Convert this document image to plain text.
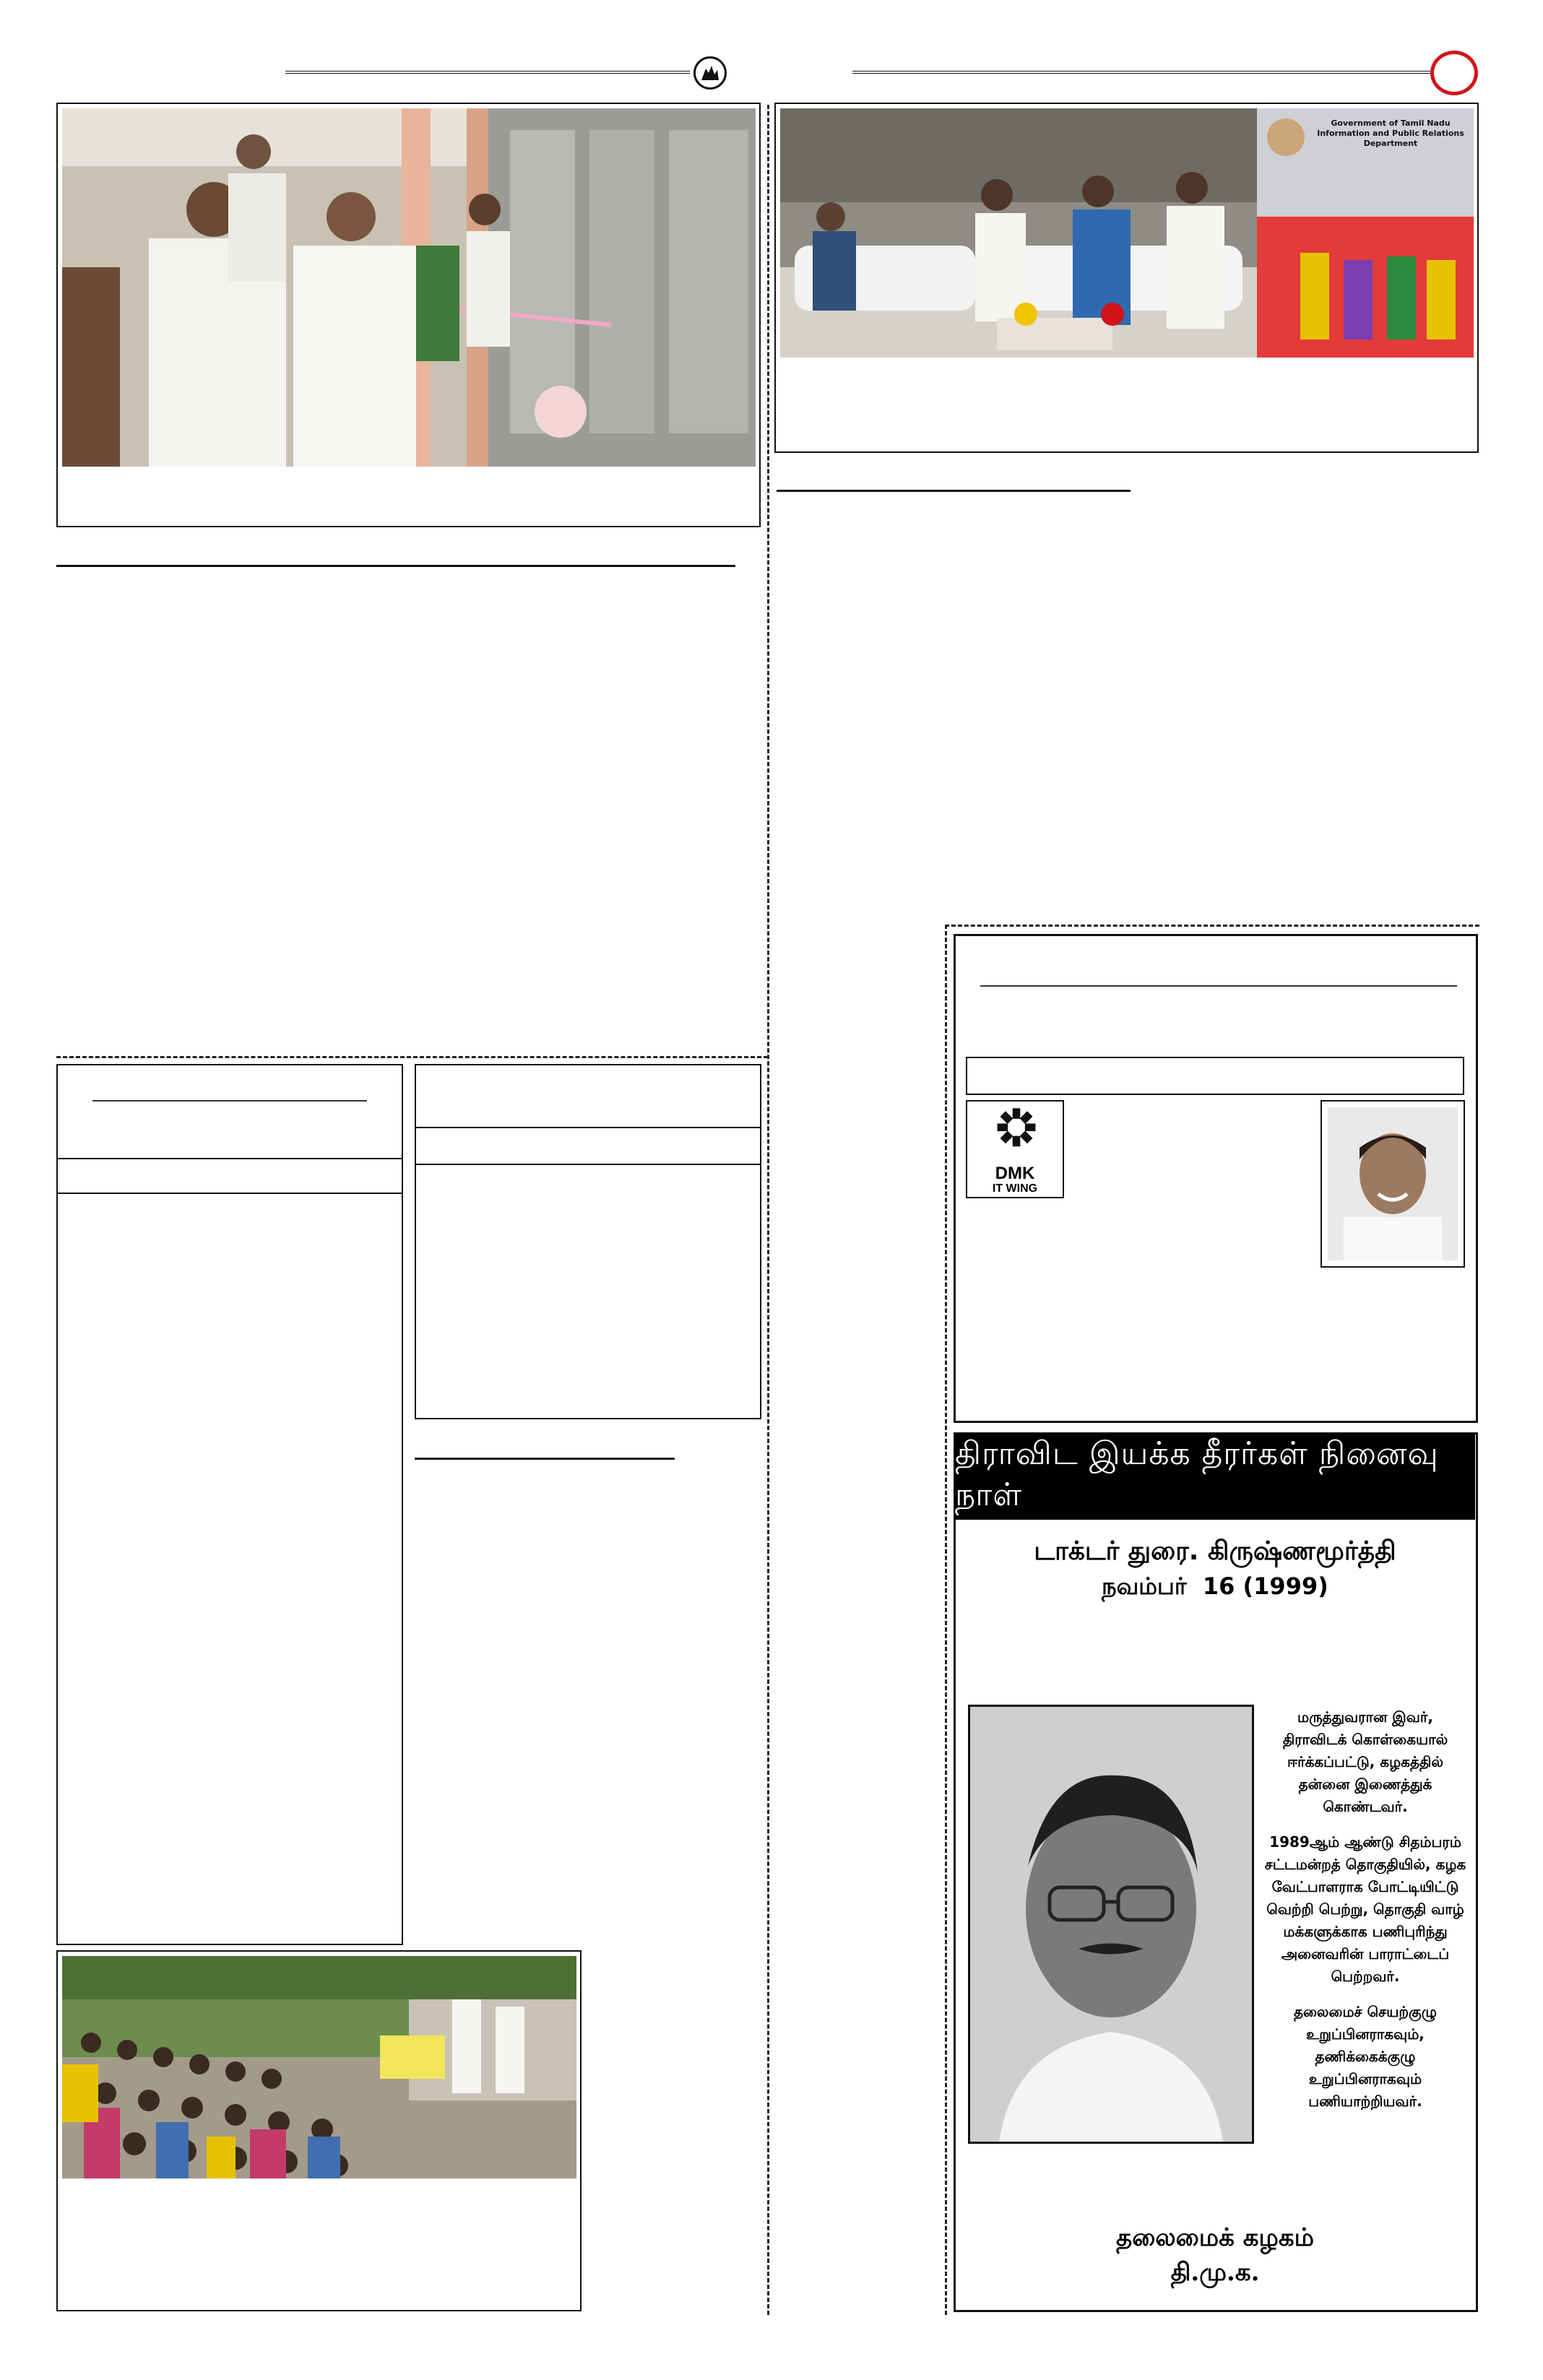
Government of Tamil Nadu
Information and Public Relations Department
DMK
IT WING
திராவிட இயக்க தீரர்கள் நினைவு நாள்
டாக்டர் துரை. கிருஷ்ணமூர்த்தி
நவம்பர்  16 (1999)

மருத்துவரான இவர், திராவிடக் கொள்கையால் ஈர்க்கப்பட்டு, கழகத்தில் தன்னை இணைத்துக் கொண்டவர்.

1989ஆம் ஆண்டு சிதம்பரம் சட்டமன்றத் தொகுதியில், கழக வேட்பாளராக போட்டியிட்டு வெற்றி பெற்று, தொகுதி வாழ் மக்களுக்காக பணிபுரிந்து அனைவரின் பாராட்டைப் பெற்றவர்.

தலைமைச் செயற்குழு உறுப்பினராகவும், தணிக்கைக்குழு உறுப்பினராகவும் பணியாற்றியவர்.

தலைமைக் கழகம்
தி.மு.க.
